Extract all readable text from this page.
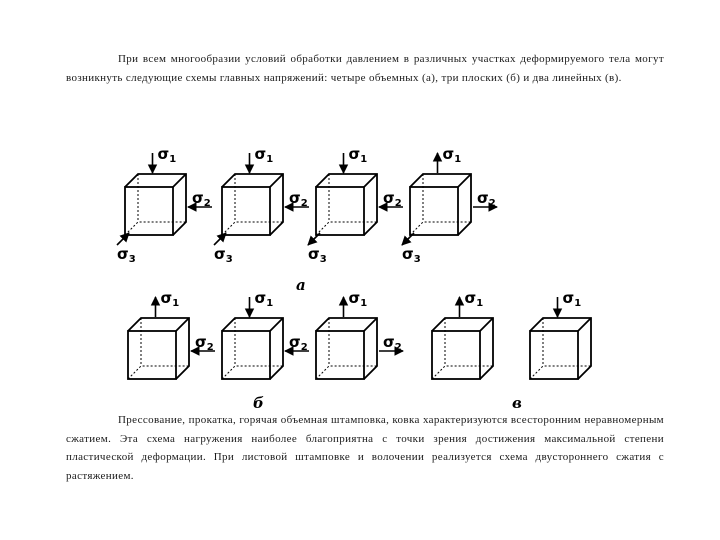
При всем многообразии условий обработки давлением в различных участках деформируемого тела могут возникнуть следующие схемы главных напряжений: четыре объемных (а), три плоских (б) и два линейных (в).
$\sigma_1$
$\sigma_2$
$\sigma_3$
$\sigma_1$
$\sigma_2$
$\sigma_3$
$\sigma_1$
$\sigma_2$
$\sigma_3$
$\sigma_1$
$\sigma_2$
$\sigma_3$
$\sigma_1$
$\sigma_2$
$\sigma_1$
$\sigma_2$
$\sigma_1$
$\sigma_2$
$\sigma_1$	$\sigma_1$
а
б	в
Прессование, прокатка, горячая объемная штамповка, ковка характеризуются всесторонним неравномерным сжатием. Эта схема нагружения наиболее благоприятна с точки зрения достижения максимальной степени пластической деформации. При листовой штамповке и волочении реализуется схема двустороннего сжатия с растяжением.
